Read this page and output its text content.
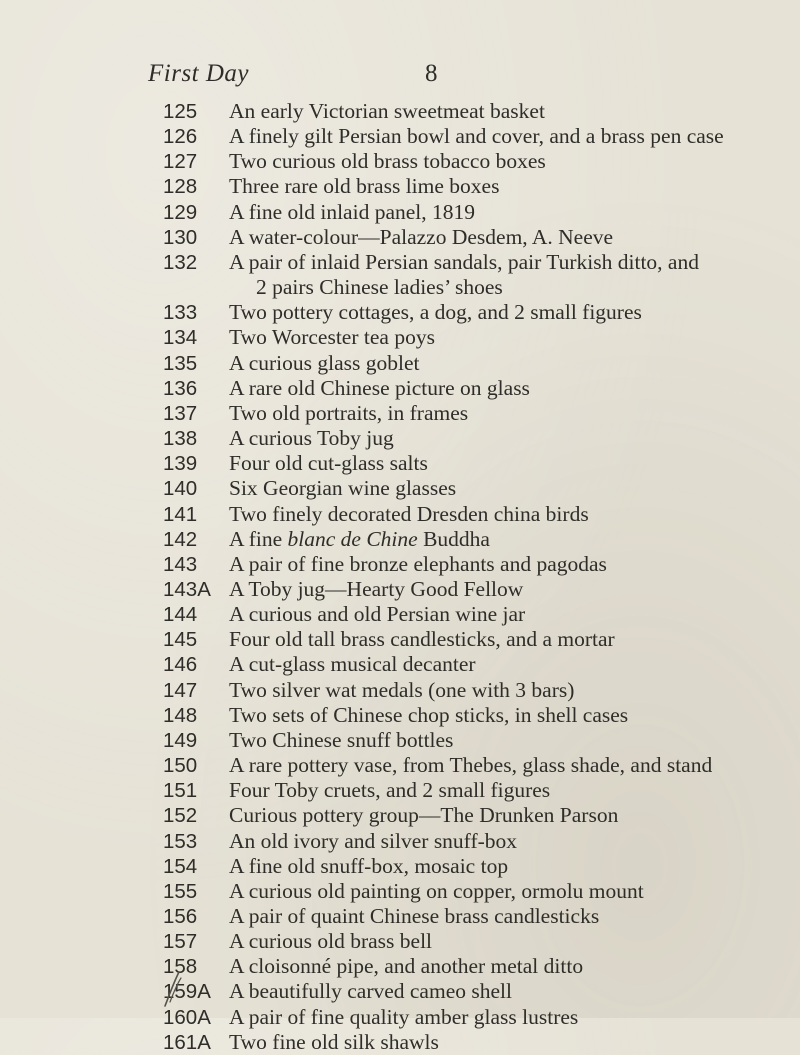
First Day	8
125 An early Victorian sweetmeat basket
126 A finely gilt Persian bowl and cover, and a brass pen case
127 Two curious old brass tobacco boxes
128 Three rare old brass lime boxes
129 A fine old inlaid panel, 1819
130 A water-colour—Palazzo Desdem, A. Neeve
132 A pair of inlaid Persian sandals, pair Turkish ditto, and
2 pairs Chinese ladies’ shoes
133 Two pottery cottages, a dog, and 2 small figures
134 Two Worcester tea poys
135 A curious glass goblet
136 A rare old Chinese picture on glass
137 Two old portraits, in frames
138 A curious Toby jug
139 Four old cut-glass salts
140 Six Georgian wine glasses
141 Two finely decorated Dresden china birds
142 A fine blanc de Chine Buddha
143 A pair of fine bronze elephants and pagodas
143A A Toby jug—Hearty Good Fellow
144 A curious and old Persian wine jar
145 Four old tall brass candlesticks, and a mortar
146 A cut-glass musical decanter
147 Two silver wat medals (one with 3 bars)
148 Two sets of Chinese chop sticks, in shell cases
149 Two Chinese snuff bottles
150 A rare pottery vase, from Thebes, glass shade, and stand
151 Four Toby cruets, and 2 small figures
152 Curious pottery group—The Drunken Parson
153 An old ivory and silver snuff-box
154 A fine old snuff-box, mosaic top
155 A curious old painting on copper, ormolu mount
156 A pair of quaint Chinese brass candlesticks
157 A curious old brass bell
158 A cloisonné pipe, and another metal ditto
159A A beautifully carved cameo shell
160A A pair of fine quality amber glass lustres
161A Two fine old silk shawls
